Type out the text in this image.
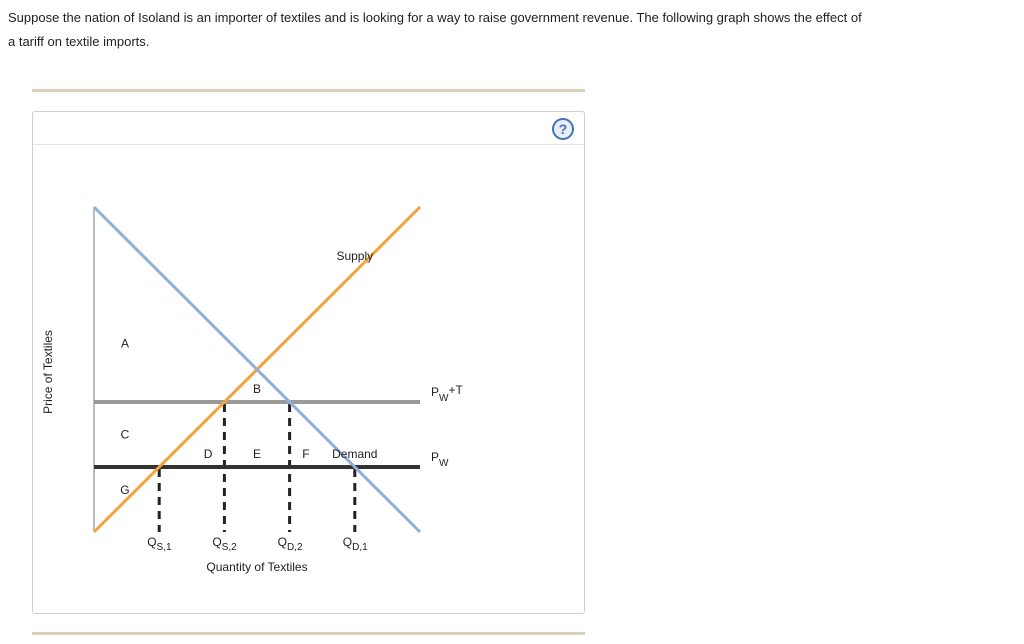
Suppose the nation of Isoland is an importer of textiles and is looking for a way to raise government revenue. The following graph shows the effect of
a tariff on textile imports.
?
Price of Textiles
Quantity of Textiles
A
B
C
D	E	F
G
Supply
Demand
$P_W+T$
$P_W$
$Q_{S,1}$	$Q_{S,2}$	$Q_{D,2}$	$Q_{D,1}$
